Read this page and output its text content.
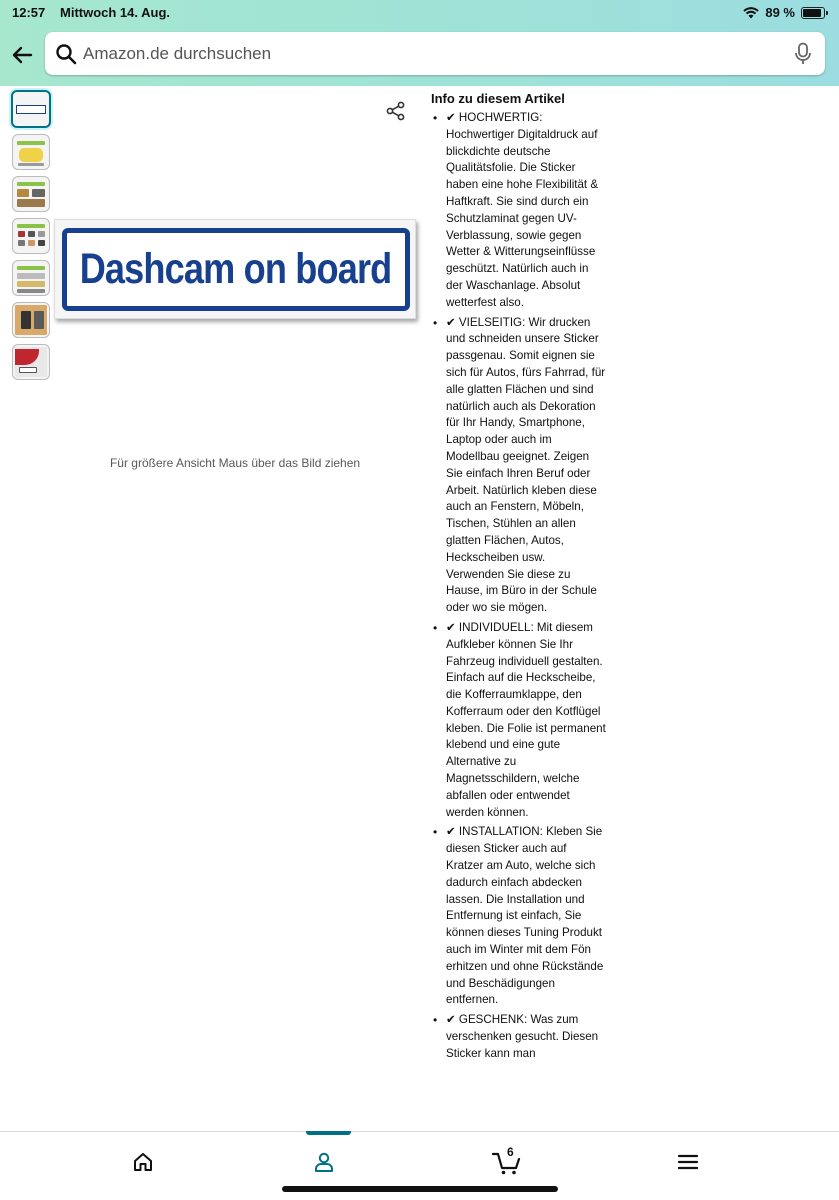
12:57 Mittwoch 14. Aug.	89 %
Amazon.de durchsuchen
Dashcam on board
Für größere Ansicht Maus über das Bild ziehen
Info zu diesem Artikel
• ✔ HOCHWERTIG: Hochwertiger Digitaldruck auf blickdichte deutsche Qualitätsfolie. Die Sticker haben eine hohe Flexibilität & Haftkraft. Sie sind durch ein Schutzlaminat gegen UV- Verblassung, sowie gegen Wetter & Witterungseinflüsse geschützt. Natürlich auch in der Waschanlage. Absolut wetterfest also.
• ✔ VIELSEITIG: Wir drucken und schneiden unsere Sticker passgenau. Somit eignen sie sich für Autos, fürs Fahrrad, für alle glatten Flächen und sind natürlich auch als Dekoration für Ihr Handy, Smartphone, Laptop oder auch im Modellbau geeignet. Zeigen Sie einfach Ihren Beruf oder Arbeit. Natürlich kleben diese auch an Fenstern, Möbeln, Tischen, Stühlen an allen glatten Flächen, Autos, Heckscheiben usw. Verwenden Sie diese zu Hause, im Büro in der Schule oder wo sie mögen.
• ✔ INDIVIDUELL: Mit diesem Aufkleber können Sie Ihr Fahrzeug individuell gestalten. Einfach auf die Heckscheibe, die Kofferraumklappe, den Kofferraum oder den Kotflügel kleben. Die Folie ist permanent klebend und eine gute Alternative zu Magnetsschildern, welche abfallen oder entwendet werden können.
• ✔ INSTALLATION: Kleben Sie diesen Sticker auch auf Kratzer am Auto, welche sich dadurch einfach abdecken lassen. Die Installation und Entfernung ist einfach, Sie können dieses Tuning Produkt auch im Winter mit dem Fön erhitzen und ohne Rückstände und Beschädigungen entfernen.
• ✔ GESCHENK: Was zum verschenken gesucht. Diesen Sticker kann man
6
